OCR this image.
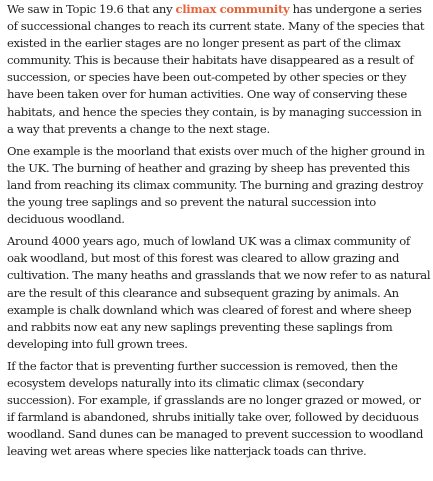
We saw in Topic 19.6 that any climax community has undergone a series of successional changes to reach its current state. Many of the species that existed in the earlier stages are no longer present as part of the climax community. This is because their habitats have disappeared as a result of succession, or species have been out-competed by other species or they have been taken over for human activities. One way of conserving these habitats, and hence the species they contain, is by managing succession in a way that prevents a change to the next stage.

One example is the moorland that exists over much of the higher ground in the UK. The burning of heather and grazing by sheep has prevented this land from reaching its climax community. The burning and grazing destroy the young tree saplings and so prevent the natural succession into deciduous woodland.

Around 4000 years ago, much of lowland UK was a climax community of oak woodland, but most of this forest was cleared to allow grazing and cultivation. The many heaths and grasslands that we now refer to as natural are the result of this clearance and subsequent grazing by animals. An example is chalk downland which was cleared of forest and where sheep and rabbits now eat any new saplings preventing these saplings from developing into full grown trees.

If the factor that is preventing further succession is removed, then the ecosystem develops naturally into its climatic climax (secondary succession). For example, if grasslands are no longer grazed or mowed, or if farmland is abandoned, shrubs initially take over, followed by deciduous woodland. Sand dunes can be managed to prevent succession to woodland leaving wet areas where species like natterjack toads can thrive.
